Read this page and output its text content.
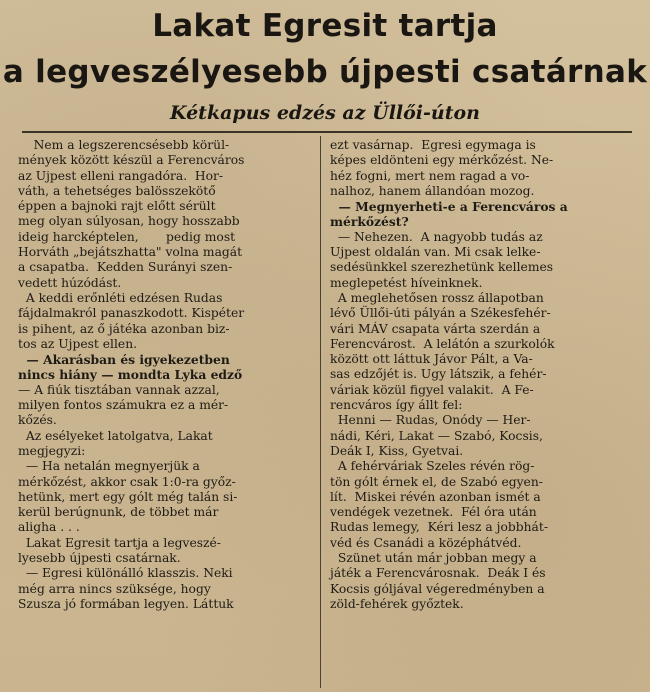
Lakat Egresit tartja
a legveszélyesebb újpesti csatárnak
Kétkapus edzés az Üllői-úton

Nem a legszerencsésebb körül-

mények között készül a Ferencváros

az Ujpest elleni rangadóra.  Hor-

váth, a tehetséges balösszekötő

éppen a bajnoki rajt előtt sérült

meg olyan súlyosan, hogy hosszabb

ideig harcképtelen,       pedig most

Horváth „bejátszhatta" volna magát

a csapatba.  Kedden Surányi szen-

vedett húzódást.

A keddi erőnléti edzésen Rudas

fájdalmakról panaszkodott. Kispéter

is pihent, az ő játéka azonban biz-

tos az Ujpest ellen.

— Akarásban és igyekezetben

nincs hiány — mondta Lyka edző

— A fiúk tisztában vannak azzal,

milyen fontos számukra ez a mér-

kőzés.

Az esélyeket latolgatva, Lakat

megjegyzi:

— Ha netalán megnyerjük a

mérkőzést, akkor csak 1:0-ra győz-

hetünk, mert egy gólt még talán si-

kerül berúgnunk, de többet már

aligha . . .

Lakat Egresit tartja a legveszé-

lyesebb újpesti csatárnak.

— Egresi különálló klasszis. Neki

még arra nincs szüksége, hogy

Szusza jó formában legyen. Láttuk

ezt vasárnap.  Egresi egymaga is

képes eldönteni egy mérkőzést. Ne-

héz fogni, mert nem ragad a vo-

nalhoz, hanem állandóan mozog.

— Megnyerheti-e a Ferencváros a

mérkőzést?

— Nehezen.  A nagyobb tudás az

Ujpest oldalán van. Mi csak lelke-

sedésünkkel szerezhetünk kellemes

meglepetést híveinknek.

A meglehetősen rossz állapotban

lévő Üllői-úti pályán a Székesfehér-

vári MÁV csapata várta szerdán a

Ferencvárost.  A lelátón a szurkolók

között ott láttuk Jávor Pált, a Va-

sas edzőjét is. Ugy látszik, a fehér-

váriak közül figyel valakit.  A Fe-

rencváros így állt fel:

Henni — Rudas, Onódy — Her-

nádi, Kéri, Lakat — Szabó, Kocsis,

Deák I, Kiss, Gyetvai.

A fehérváriak Szeles révén rög-

tön gólt érnek el, de Szabó egyen-

lít.  Miskei révén azonban ismét a

vendégek vezetnek.  Fél óra után

Rudas lemegy,  Kéri lesz a jobbhát-

véd és Csanádi a középhátvéd.

Szünet után már jobban megy a

játék a Ferencvárosnak.  Deák I és

Kocsis góljával végeredményben a

zöld-fehérek győztek.
